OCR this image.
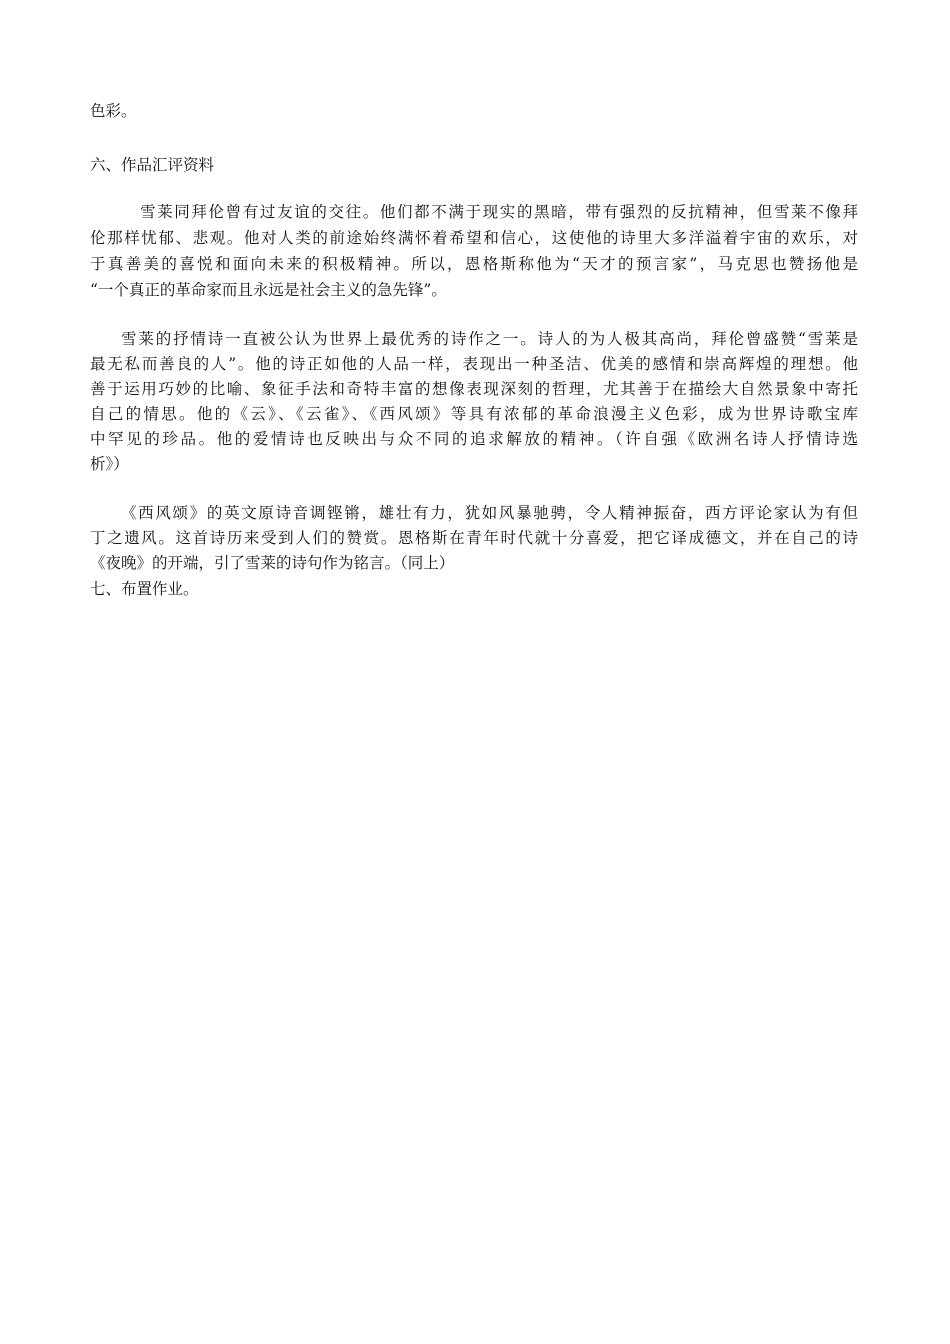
色彩。
六、作品汇评资料
雪莱同拜伦曾有过友谊的交往。他们都不满于现实的黑暗，带有强烈的反抗精神，但雪莱不像拜
伦那样忧郁、悲观。他对人类的前途始终满怀着希望和信心，这使他的诗里大多洋溢着宇宙的欢乐，对
于真善美的喜悦和面向未来的积极精神。所以，恩格斯称他为“天才的预言家”，马克思也赞扬他是
“一个真正的革命家而且永远是社会主义的急先锋”。
雪莱的抒情诗一直被公认为世界上最优秀的诗作之一。诗人的为人极其高尚，拜伦曾盛赞“雪莱是
最无私而善良的人”。他的诗正如他的人品一样，表现出一种圣洁、优美的感情和崇高辉煌的理想。他
善于运用巧妙的比喻、象征手法和奇特丰富的想像表现深刻的哲理，尤其善于在描绘大自然景象中寄托
自己的情思。他的《云》、《云雀》、《西风颂》等具有浓郁的革命浪漫主义色彩，成为世界诗歌宝库
中罕见的珍品。他的爱情诗也反映出与众不同的追求解放的精神。（许自强《欧洲名诗人抒情诗选
析》）
《西风颂》的英文原诗音调铿锵，雄壮有力，犹如风暴驰骋，令人精神振奋，西方评论家认为有但
丁之遗风。这首诗历来受到人们的赞赏。恩格斯在青年时代就十分喜爱，把它译成德文，并在自己的诗
《夜晚》的开端，引了雪莱的诗句作为铭言。（同上）
七、布置作业。
